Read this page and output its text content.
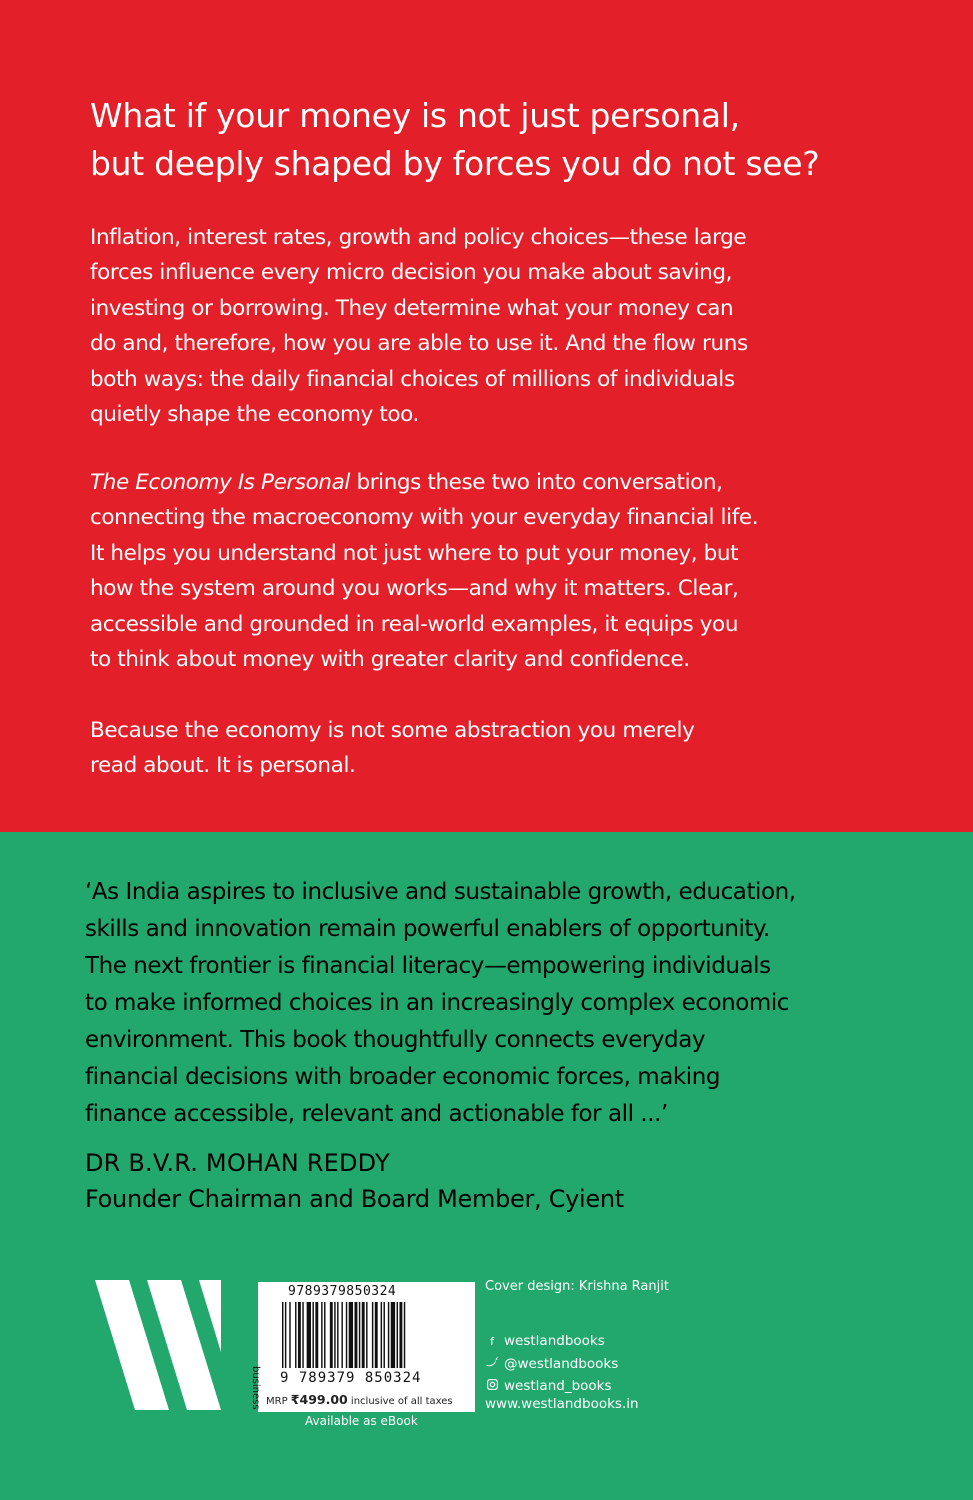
What if your money is not just personal,
but deeply shaped by forces you do not see?

Inflation, interest rates, growth and policy choices—these large
forces influence every micro decision you make about saving,
investing or borrowing. They determine what your money can
do and, therefore, how you are able to use it. And the flow runs
both ways: the daily financial choices of millions of individuals
quietly shape the economy too.

The Economy Is Personal brings these two into conversation,
connecting the macroeconomy with your everyday financial life.
It helps you understand not just where to put your money, but
how the system around you works—and why it matters. Clear,
accessible and grounded in real-world examples, it equips you
to think about money with greater clarity and confidence.

Because the economy is not some abstraction you merely
read about. It is personal.

‘As India aspires to inclusive and sustainable growth, education,
skills and innovation remain powerful enablers of opportunity.
The next frontier is financial literacy—empowering individuals
to make informed choices in an increasingly complex economic
environment. This book thoughtfully connects everyday
financial decisions with broader economic forces, making
finance accessible, relevant and actionable for all ...’

DR B.V.R. MOHAN REDDY

Founder Chairman and Board Member, Cyient

9789379850324
9 789379 850324
MRP ₹499.00 inclusive of all taxes
business
Available as eBook
Cover design: Krishna Ranjit
f westlandbooks
@westlandbooks
westland_books
www.westlandbooks.in
